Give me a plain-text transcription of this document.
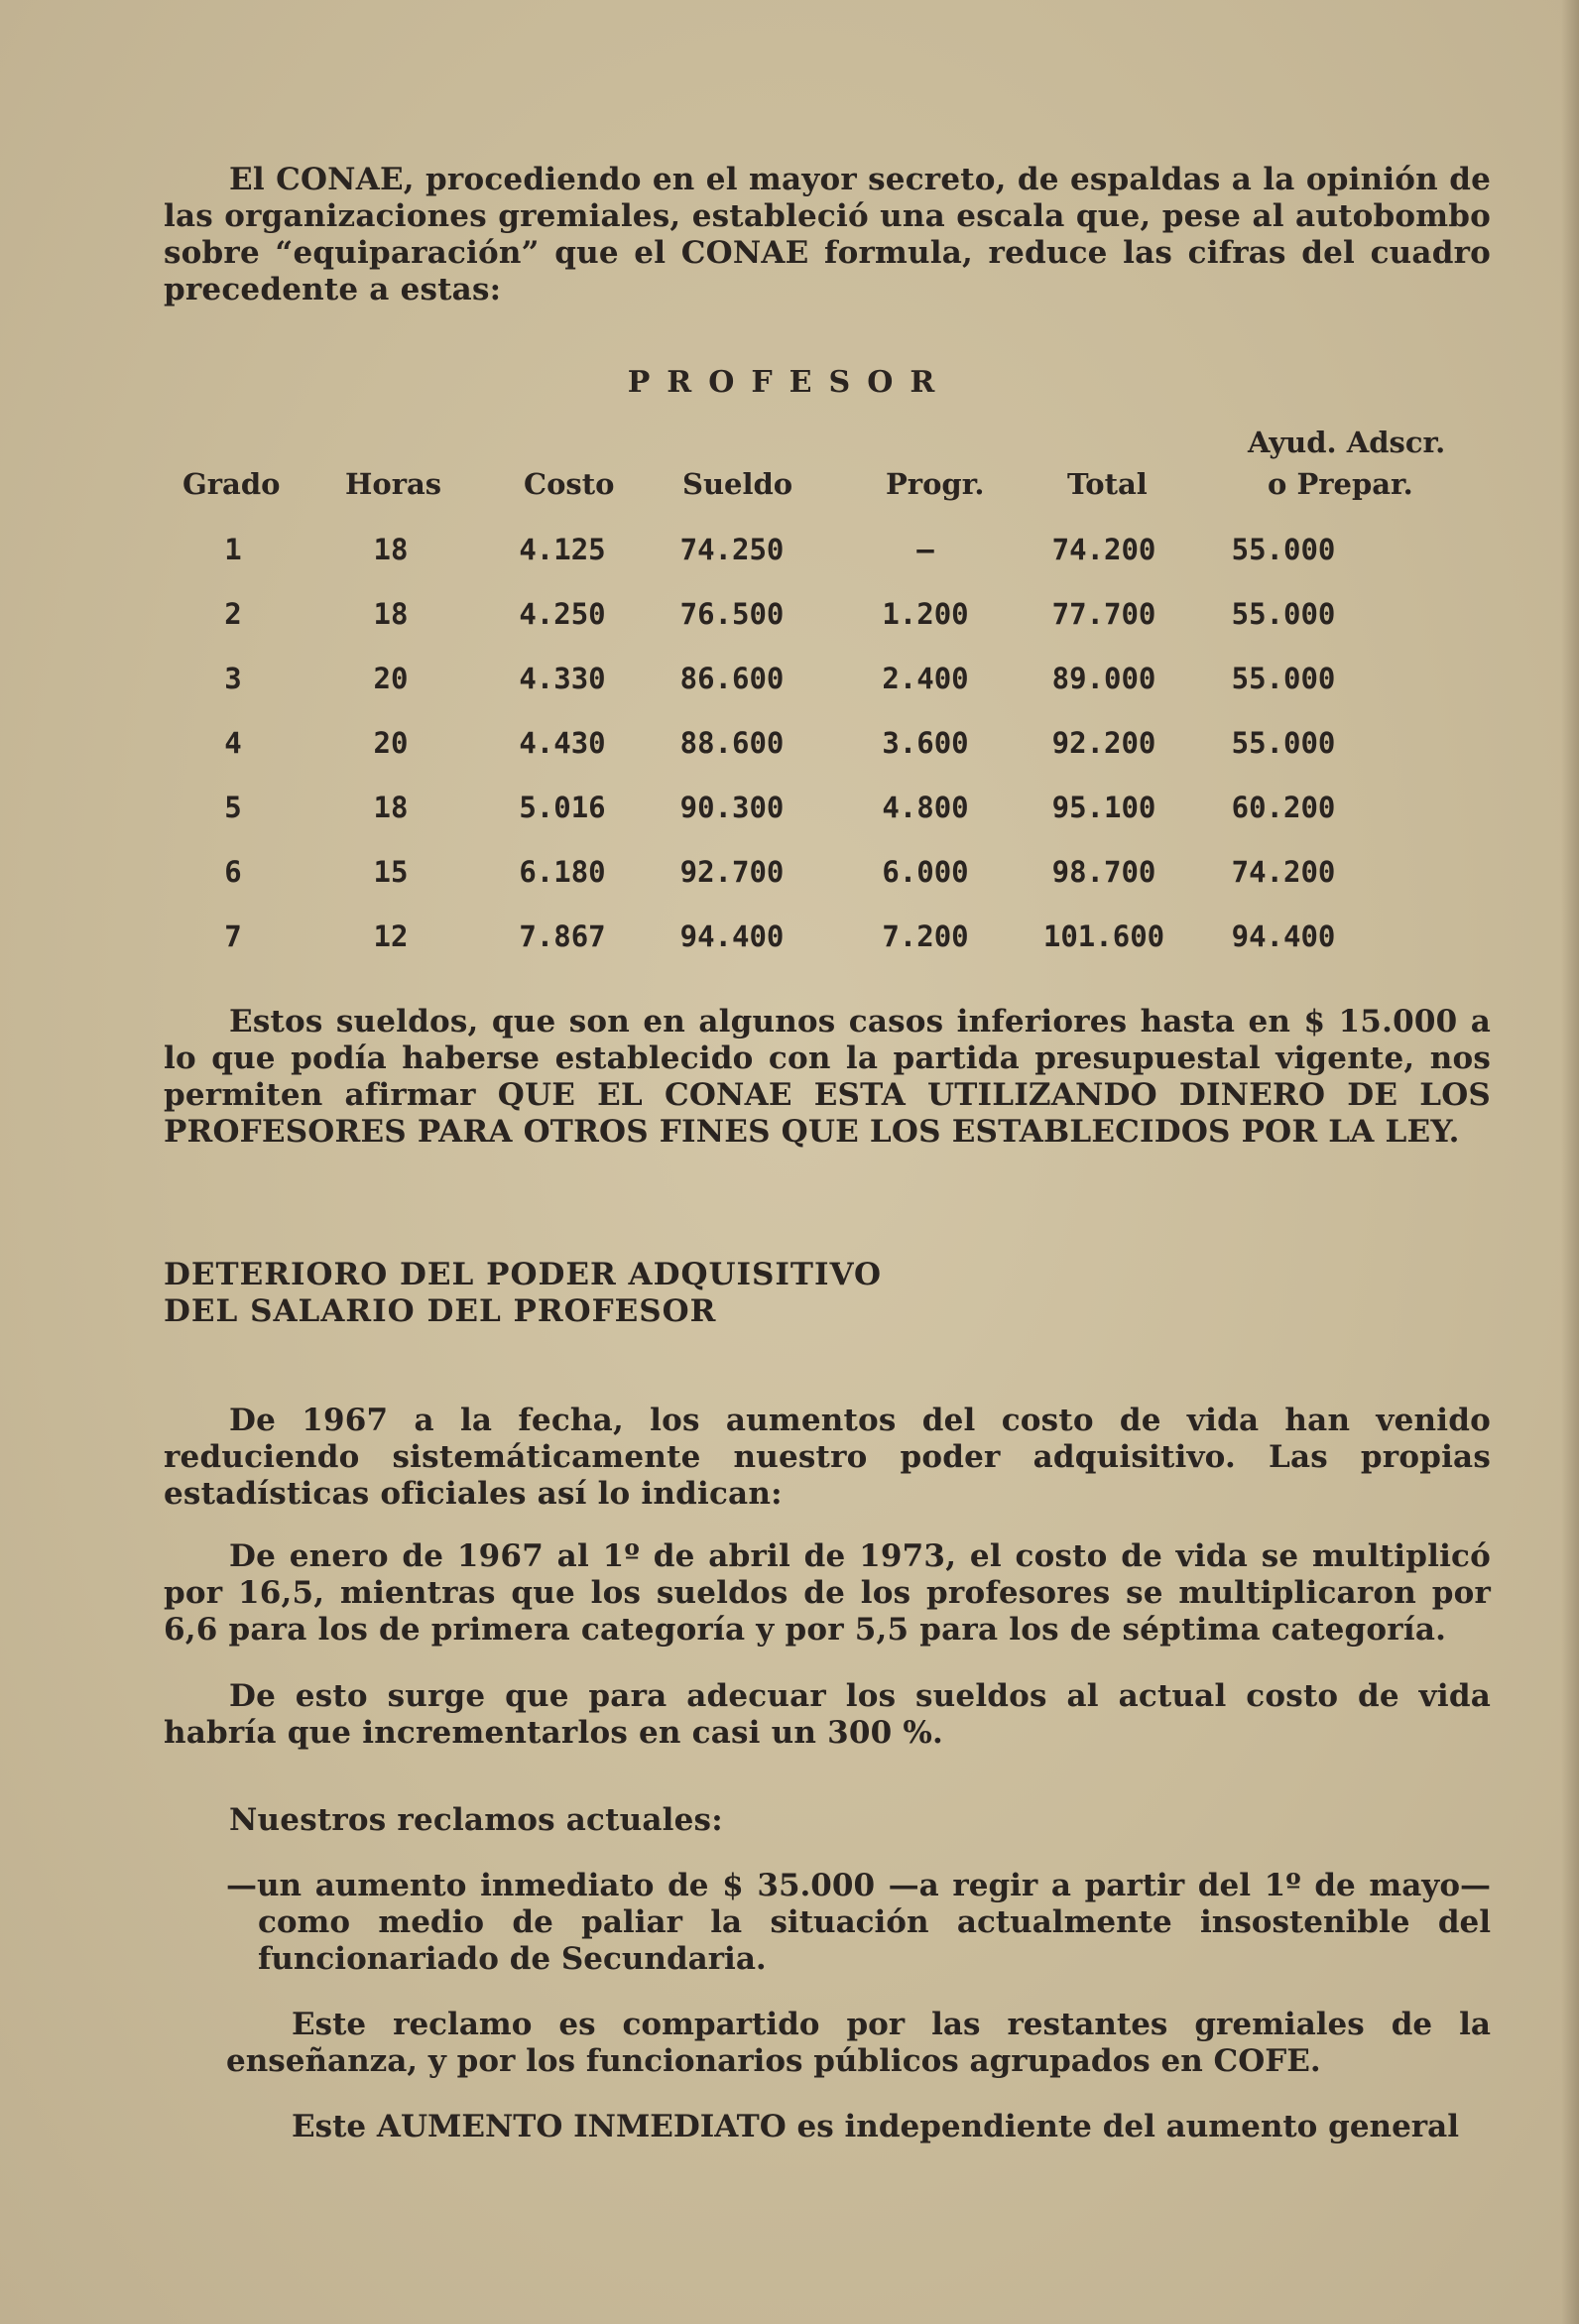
El CONAE, procediendo en el mayor secreto, de espaldas a la opinión de las organizaciones gremiales, estableció una escala que, pese al autobombo sobre “equiparación” que el CONAE formula, reduce las cifras del cuadro precedente a estas:

PROFESOR

Grado Horas	Costo Sueldo	Progr.	Total
Ayud. Adscr.
o Prepar.
1	18	4.125	74.250	—	74.200	55.000
2	18	4.250	76.500	1.200	77.700	55.000
3	20	4.330	86.600	2.400	89.000	55.000
4	20	4.430	88.600	3.600	92.200	55.000
5	18	5.016	90.300	4.800	95.100	60.200
6	15	6.180	92.700	6.000	98.700	74.200
7	12	7.867	94.400	7.200	101.600 94.400

Estos sueldos, que son en algunos casos inferiores hasta en $ 15.000 a lo que podía haberse establecido con la partida presupuestal vigente, nos permiten afirmar QUE EL CONAE ESTA UTILIZANDO DINERO DE LOS PROFESORES PARA OTROS FINES QUE LOS ESTABLECIDOS POR LA LEY.

DETERIORO DEL PODER ADQUISITIVO
DEL SALARIO DEL PROFESOR

De 1967 a la fecha, los aumentos del costo de vida han venido reduciendo sistemáticamente nuestro poder adquisitivo. Las propias estadísticas oficiales así lo indican:

De enero de 1967 al 1º de abril de 1973, el costo de vida se multiplicó por 16,5, mientras que los sueldos de los profesores se multiplicaron por 6,6 para los de primera categoría y por 5,5 para los de séptima categoría.

De esto surge que para adecuar los sueldos al actual costo de vida habría que incrementarlos en casi un 300 %.

Nuestros reclamos actuales:

—un aumento inmediato de $ 35.000 —a regir a partir del 1º de mayo— como medio de paliar la situación actualmente insostenible del funcionariado de Secundaria.

Este reclamo es compartido por las restantes gremiales de la enseñanza, y por los funcionarios públicos agrupados en COFE.

Este AUMENTO INMEDIATO es independiente del aumento general
